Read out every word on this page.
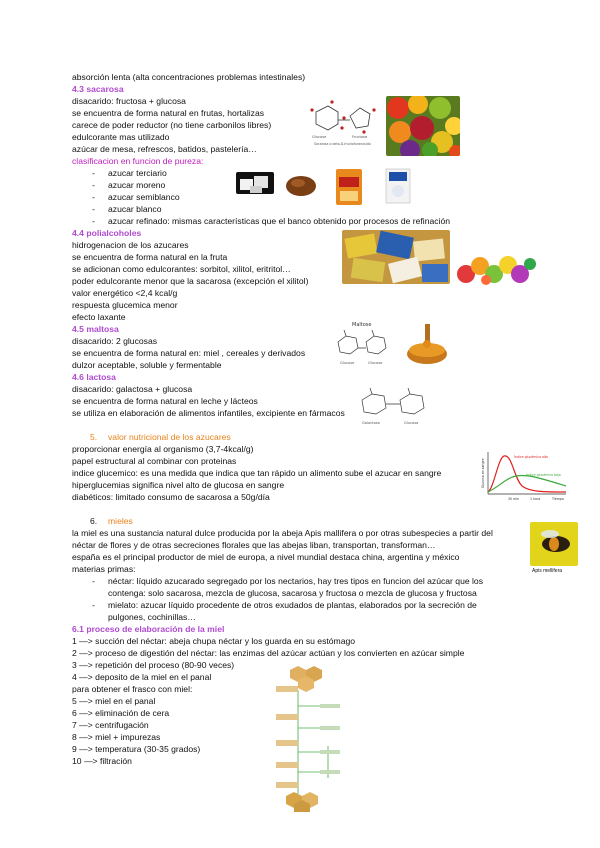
absorción lenta (alta concentraciones problemas intestinales)
4.3 sacarosa
disacarido: fructosa + glucosa
se encuentra de forma natural en frutas, hortalizas
carece de poder reductor (no tiene carbonilos libres)
edulcorante mas utilizado
azúcar de mesa, refrescos, batidos, pastelería…
clasificacion en funcion de pureza:
- azucar terciario
- azucar moreno
- azucar semiblanco
- azucar blanco
- azucar refinado: mismas características que el banco obtenido por procesos de refinación
4.4 polialcoholes
hidrogenacion de los azucares
se encuentra de forma natural en la fruta
se adicionan como edulcorantes: sorbitol, xilitol, eritritol…
poder edulcorante menor que la sacarosa (excepción el xilitol)
valor energético <2,4 kcal/g
respuesta glucemica menor
efecto laxante
4.5 maltosa
disacarido: 2 glucosas
se encuentra de forma natural en: miel , cereales y derivados
dulzor aceptable, soluble y fermentable
4.6 lactosa
disacarido: galactosa + glucosa
se encuentra de forma natural en leche y lácteos
se utiliza en elaboración de alimentos infantiles, excipiente en fármacos
5. valor nutricional de los azucares
proporcionar energía al organismo (3,7-4kcal/g)
papel estructural al combinar con proteinas
indice glucemico: es una medida que indica que tan rápido un alimento sube el azucar en sangre
hiperglucemias significa nivel alto de glucosa en sangre
diabéticos: limitado consumo de sacarosa a 50g/día
6. mieles
la miel es una sustancia natural dulce producida por la abeja Apis mallifera o por otras subespecies a partir del
néctar de flores y de otras secreciones florales que las abejas liban, transportan, transforman…
españa es el principal productor de miel de europa, a nivel mundial destaca china, argentina y méxico
materias primas:
- néctar: líquido azucarado segregado por los nectarios, hay tres tipos en funcion del azúcar que los
contenga: solo sacarosa, mezcla de glucosa, sacarosa y fructosa o mezcla de glucosa y fructosa
- mielato: azucar líquido procedente de otros exudados de plantas, elaborados por la secreción de
pulgones, cochinillas…
6.1 proceso de elaboración de la miel
1 —> succión del néctar: abeja chupa néctar y los guarda en su estómago
2 —> proceso de digestión del néctar: las enzimas del azúcar actúan y los convierten en azúcar simple
3 —> repetición del proceso (80-90 veces)
4 —> deposito de la miel en el panal
para obtener el frasco con miel:
5 —> miel en el panal
6 —> eliminación de cera
7 —> centrifugación
8 —> miel + impurezas
9 —> temperatura (30-35 grados)
10 —> filtración
Glucose	Fructose
Sacarosa o beta-D-fructofuranosido
Maltose
Glucose	Glucose
Galactosa	Glucosa
Glucosa en sangre
Índice glucémico alto
Índice glucémico bajo
30 min	1 hora	Tiempo
Apis mellifera
